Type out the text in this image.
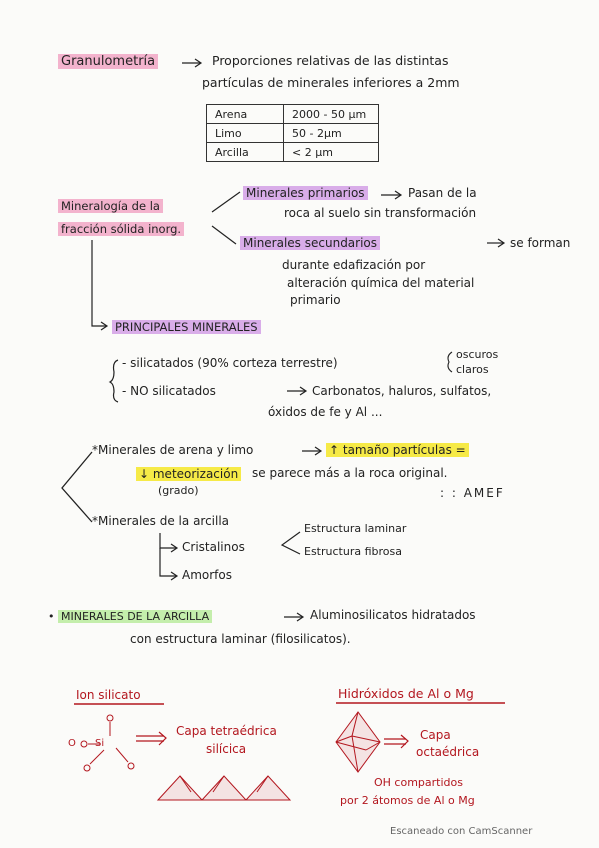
Granulometría	Proporciones relativas de las distintas
partículas de minerales inferiores a 2mm
Arena	2000 - 50 μm
Limo	50 - 2μm
Arcilla	< 2 μm
Mineralogía de la
fracción sólida inorg.
Minerales primarios	Pasan de la
roca al suelo sin transformación
Minerales secundarios	se forman
durante edafización por
alteración química del material
primario
PRINCIPALES MINERALES
- silicatados (90% corteza terrestre)
oscuros
claros
- NO silicatados	Carbonatos, haluros, sulfatos,
óxidos de fe y Al ...
*Minerales de arena y limo	↑ tamaño partículas =
↓ meteorización se parece más a la roca original.
(grado)	: : AMEF
*Minerales de la arcilla
Cristalinos
Estructura laminar
Estructura fibrosa
Amorfos
• MINERALES DE LA ARCILLA	Aluminosilicatos hidratados
con estructura laminar (filosilicatos).
Ion silicato
Si
O
Capa tetraédrica
silícica
Hidróxidos de Al o Mg
Capa
octaédrica
OH compartidos
por 2 átomos de Al o Mg
Escaneado con CamScanner
